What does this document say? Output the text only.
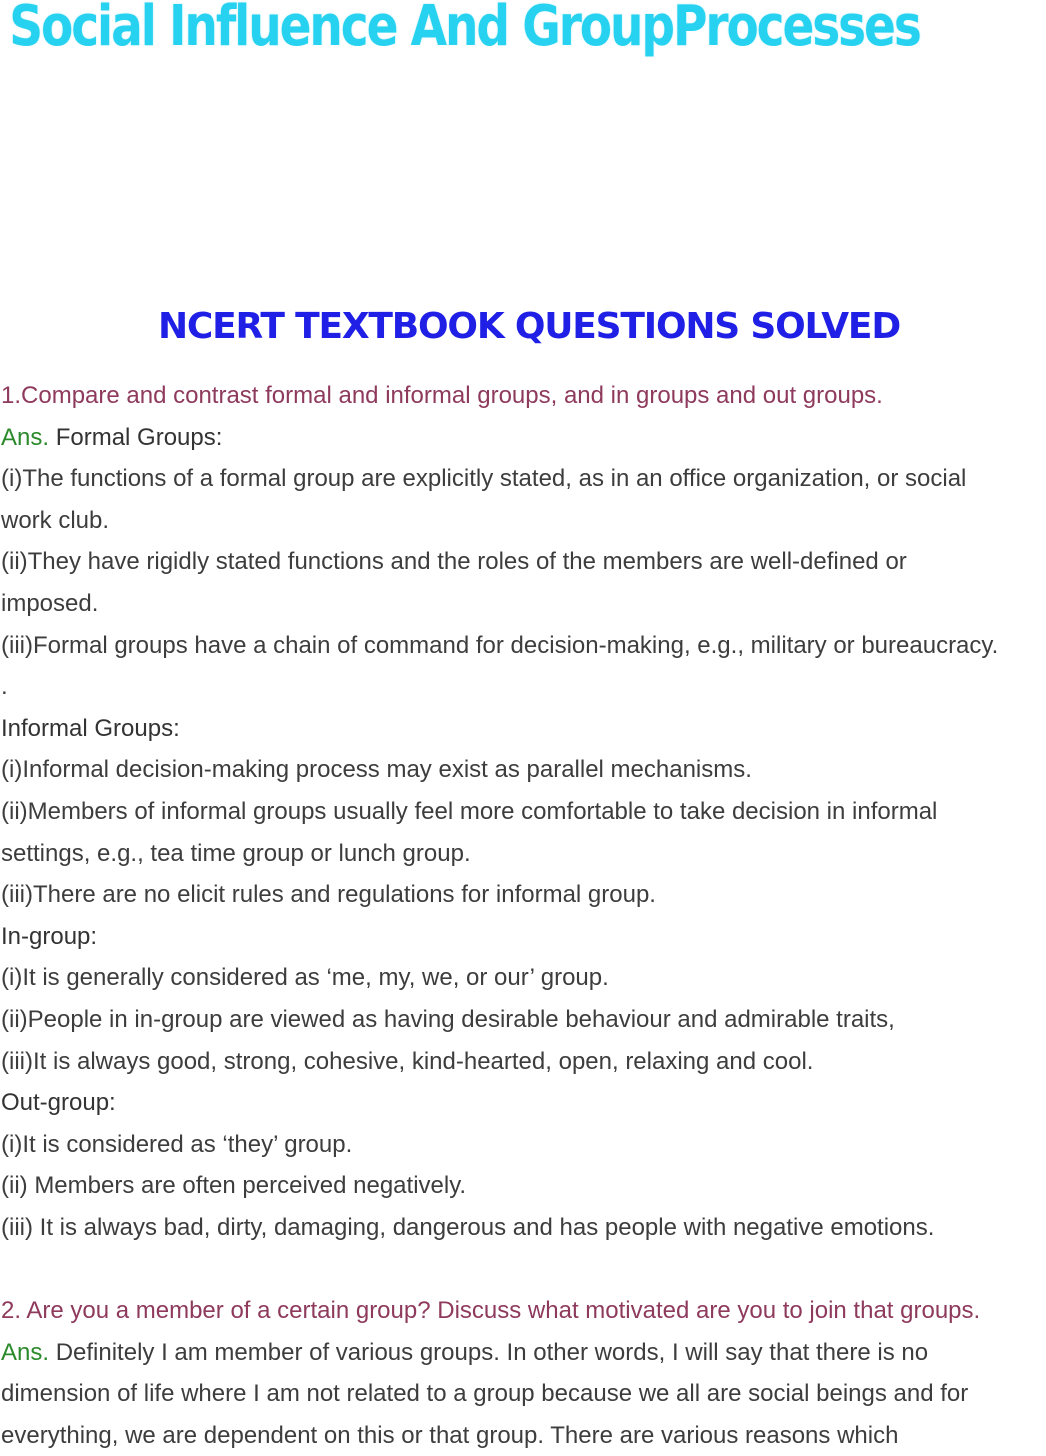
Social Influence And GroupProcesses
NCERT TEXTBOOK QUESTIONS SOLVED

1.Compare and contrast formal and informal groups, and in groups and out groups.

Ans. Formal Groups:

(i)The functions of a formal group are explicitly stated, as in an office organization, or social

work club.

(ii)They have rigidly stated functions and the roles of the members are well-defined or

imposed.

(iii)Formal groups have a chain of command for decision-making, e.g., military or bureaucracy.

.

Informal Groups:

(i)Informal decision-making process may exist as parallel mechanisms.

(ii)Members of informal groups usually feel more comfortable to take decision in informal

settings, e.g., tea time group or lunch group.

(iii)There are no elicit rules and regulations for informal group.

In-group:

(i)It is generally considered as ‘me, my, we, or our’ group.

(ii)People in in-group are viewed as having desirable behaviour and admirable traits,

(iii)It is always good, strong, cohesive, kind-hearted, open, relaxing and cool.

Out-group:

(i)It is considered as ‘they’ group.

(ii) Members are often perceived negatively.

(iii) It is always bad, dirty, damaging, dangerous and has people with negative emotions.

2. Are you a member of a certain group? Discuss what motivated are you to join that groups.

Ans. Definitely I am member of various groups. In other words, I will say that there is no

dimension of life where I am not related to a group because we all are social beings and for

everything, we are dependent on this or that group. There are various reasons which
